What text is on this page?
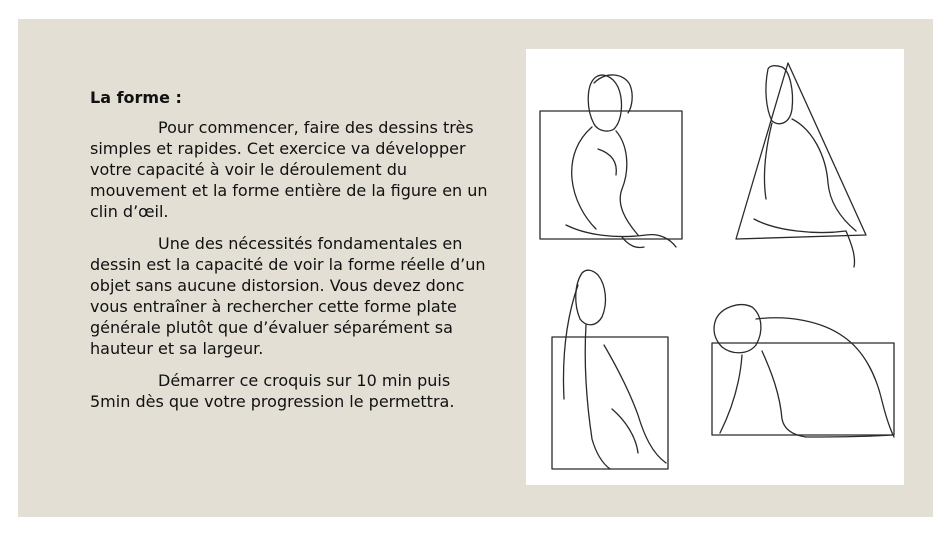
La forme :

Pour commencer, faire des dessins très simples et rapides. Cet exercice va développer votre capacité à voir le déroulement du mouvement et la forme entière de la figure en un clin d’œil.

Une des nécessités fondamentales en dessin est la capacité de voir la forme réelle d’un objet sans aucune distorsion. Vous devez donc vous entraîner à rechercher cette forme plate générale plutôt que d’évaluer séparément sa hauteur et sa largeur.

Démarrer ce croquis sur 10 min puis 5min dès que votre progression le permettra.
